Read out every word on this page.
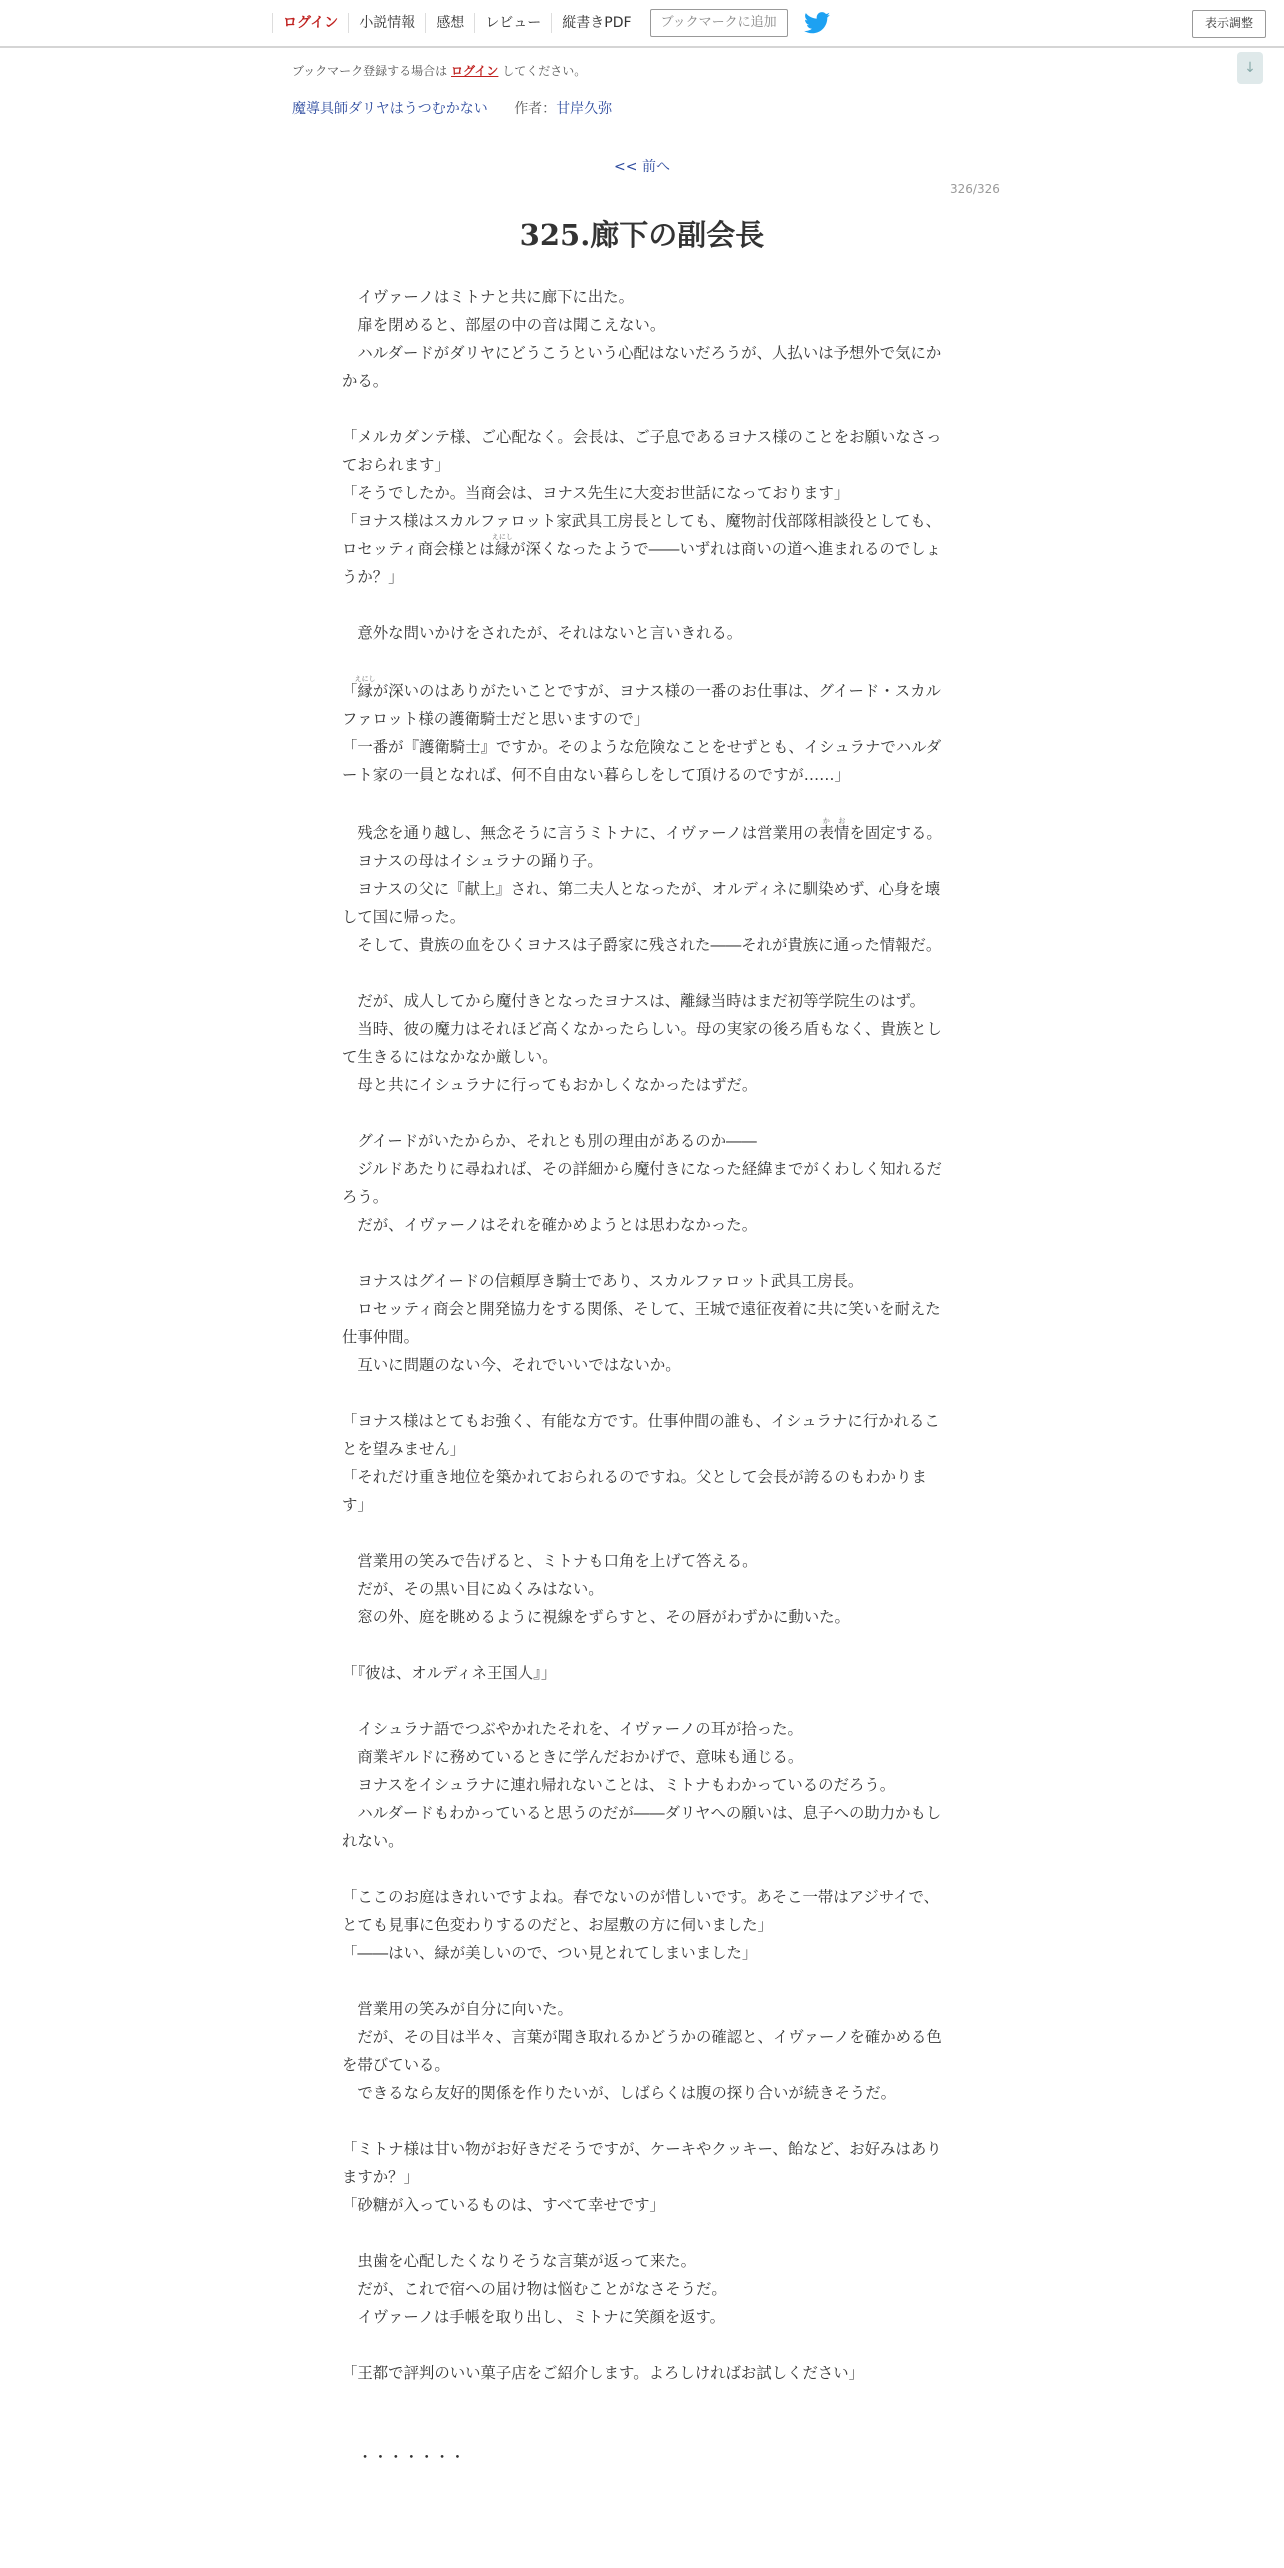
ログイン	小説情報	感想	レビュー	縦書きPDF	ブックマークに追加	表示調整
↓
ブックマーク登録する場合は ログイン してください。
魔導具師ダリヤはうつむかない 作者：甘岸久弥
<< 前へ
326/326
325.廊下の副会長

　イヴァーノはミトナと共に廊下に出た。

　扉を閉めると、部屋の中の音は聞こえない。

　ハルダードがダリヤにどうこうという心配はないだろうが、人払いは予想外で気にかかる。

「メルカダンテ様、ご心配なく。会長は、ご子息であるヨナス様のことをお願いなさっておられます」

「そうでしたか。当商会は、ヨナス先生に大変お世話になっております」

「ヨナス様はスカルファロット家武具工房長としても、魔物討伐部隊相談役としても、ロセッティ商会様とは縁えにしが深くなったようで――いずれは商いの道へ進まれるのでしょうか？」

　意外な問いかけをされたが、それはないと言いきれる。

「縁えにしが深いのはありがたいことですが、ヨナス様の一番のお仕事は、グイード・スカルファロット様の護衛騎士だと思いますので」

「一番が『護衛騎士』ですか。そのような危険なことをせずとも、イシュラナでハルダート家の一員となれば、何不自由ない暮らしをして頂けるのですが……」

　残念を通り越し、無念そうに言うミトナに、イヴァーノは営業用の表情かおを固定する。

　ヨナスの母はイシュラナの踊り子。

　ヨナスの父に『献上』され、第二夫人となったが、オルディネに馴染めず、心身を壊して国に帰った。

　そして、貴族の血をひくヨナスは子爵家に残された――それが貴族に通った情報だ。

　だが、成人してから魔付きとなったヨナスは、離縁当時はまだ初等学院生のはず。

　当時、彼の魔力はそれほど高くなかったらしい。母の実家の後ろ盾もなく、貴族として生きるにはなかなか厳しい。

　母と共にイシュラナに行ってもおかしくなかったはずだ。

　グイードがいたからか、それとも別の理由があるのか――

　ジルドあたりに尋ねれば、その詳細から魔付きになった経緯までがくわしく知れるだろう。

　だが、イヴァーノはそれを確かめようとは思わなかった。

　ヨナスはグイードの信頼厚き騎士であり、スカルファロット武具工房長。

　ロセッティ商会と開発協力をする関係、そして、王城で遠征夜着に共に笑いを耐えた仕事仲間。

　互いに問題のない今、それでいいではないか。

「ヨナス様はとてもお強く、有能な方です。仕事仲間の誰も、イシュラナに行かれることを望みません」

「それだけ重き地位を築かれておられるのですね。父として会長が誇るのもわかります」

　営業用の笑みで告げると、ミトナも口角を上げて答える。

　だが、その黒い目にぬくみはない。

　窓の外、庭を眺めるように視線をずらすと、その唇がわずかに動いた。

「『彼は、オルディネ王国人』」

　イシュラナ語でつぶやかれたそれを、イヴァーノの耳が拾った。

　商業ギルドに務めているときに学んだおかげで、意味も通じる。

　ヨナスをイシュラナに連れ帰れないことは、ミトナもわかっているのだろう。

　ハルダードもわかっていると思うのだが――ダリヤへの願いは、息子への助力かもしれない。

「ここのお庭はきれいですよね。春でないのが惜しいです。あそこ一帯はアジサイで、とても見事に色変わりするのだと、お屋敷の方に伺いました」

「――はい、緑が美しいので、つい見とれてしまいました」

　営業用の笑みが自分に向いた。

　だが、その目は半々、言葉が聞き取れるかどうかの確認と、イヴァーノを確かめる色を帯びている。

　できるなら友好的関係を作りたいが、しばらくは腹の探り合いが続きそうだ。

「ミトナ様は甘い物がお好きだそうですが、ケーキやクッキー、飴など、お好みはありますか？」

「砂糖が入っているものは、すべて幸せです」

　虫歯を心配したくなりそうな言葉が返って来た。

　だが、これで宿への届け物は悩むことがなさそうだ。

　イヴァーノは手帳を取り出し、ミトナに笑顔を返す。

「王都で評判のいい菓子店をご紹介します。よろしければお試しください」

　・・・・・・・
